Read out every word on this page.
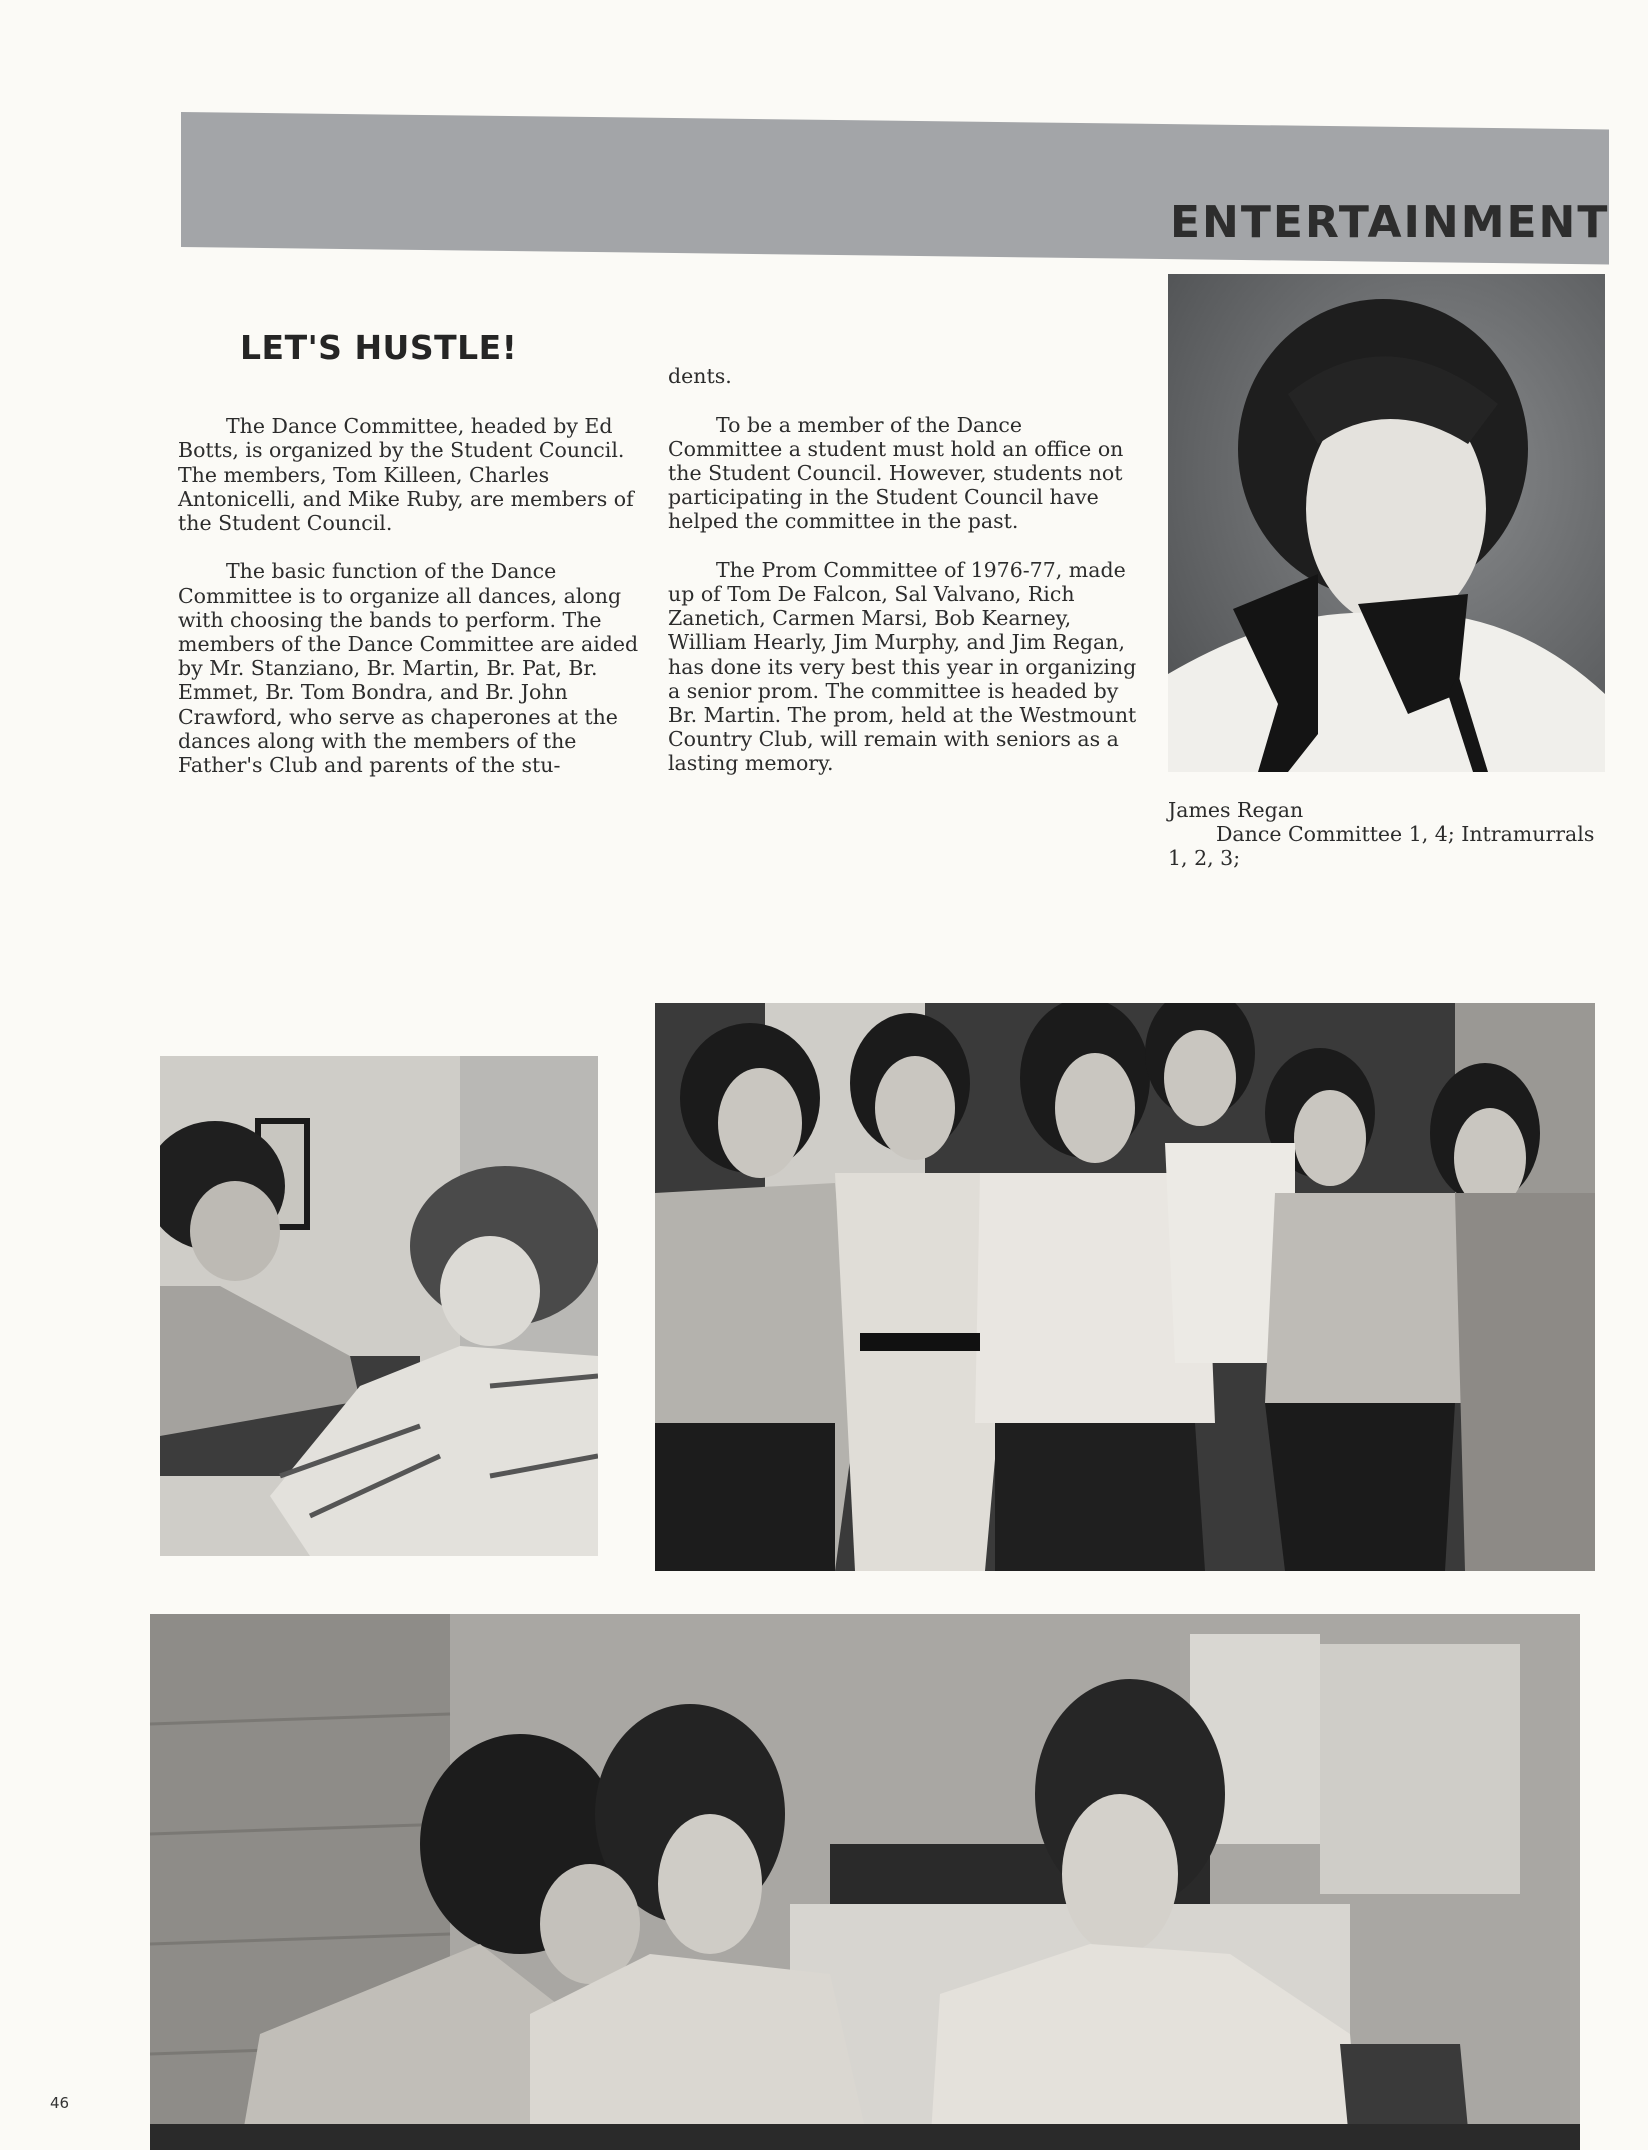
ENTERTAINMENT
LET'S HUSTLE!

The Dance Committee, headed by Ed Botts, is organized by the Student Council. The members, Tom Killeen, Charles Antonicelli, and Mike Ruby, are members of the Student Council.

The basic function of the Dance Committee is to organize all dances, along with choosing the bands to perform. The members of the Dance Committee are aided by Mr. Stanziano, Br. Martin, Br. Pat, Br. Emmet, Br. Tom Bondra, and Br. John Crawford, who serve as chaperones at the dances along with the members of the Father's Club and parents of the stu-

dents.

To be a member of the Dance Committee a student must hold an office on the Student Council. However, students not participating in the Student Council have helped the committee in the past.

The Prom Committee of 1976-77, made up of Tom De Falcon, Sal Valvano, Rich Zanetich, Carmen Marsi, Bob Kearney, William Hearly, Jim Murphy, and Jim Regan, has done its very best this year in organizing a senior prom. The committee is headed by Br. Martin. The prom, held at the Westmount Country Club, will remain with seniors as a lasting memory.

James Regan
Dance Committee 1, 4; Intramurrals 1, 2, 3;
46
